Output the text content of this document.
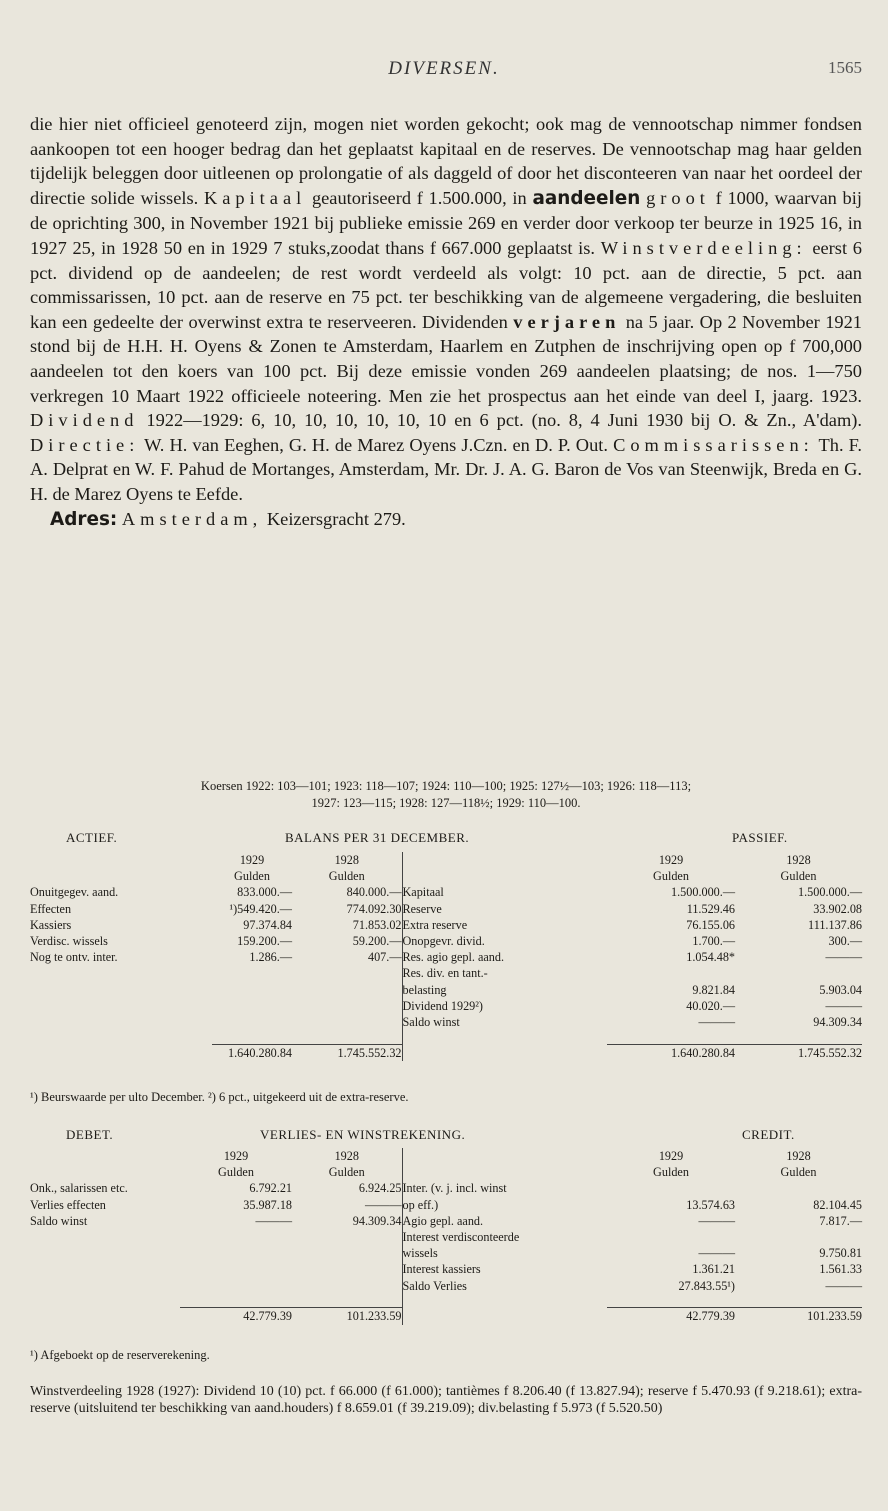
DIVERSEN.	1565

die hier niet officieel genoteerd zijn, mogen niet worden gekocht; ook mag de vennootschap nimmer fondsen aankoopen tot een hooger bedrag dan het geplaatst kapitaal en de reserves. De vennootschap mag haar gelden tijdelijk beleggen door uitleenen op prolongatie of als daggeld of door het disconteeren van naar het oordeel der directie solide wissels. Kapitaal geautoriseerd f 1.500.000, in aandeelen groot f 1000, waarvan bij de oprichting 300, in November 1921 bij publieke emissie 269 en verder door verkoop ter beurze in 1925 16, in 1927 25, in 1928 50 en in 1929 7 stuks,zoodat thans f 667.000 geplaatst is. Winstverdeeling: eerst 6 pct. dividend op de aandeelen; de rest wordt verdeeld als volgt: 10 pct. aan de directie, 5 pct. aan commissarissen, 10 pct. aan de reserve en 75 pct. ter beschikking van de algemeene vergadering, die besluiten kan een gedeelte der overwinst extra te reserveeren. Dividenden verjaren na 5 jaar. Op 2 November 1921 stond bij de H.H. H. Oyens & Zonen te Amsterdam, Haarlem en Zutphen de inschrijving open op f 700,000 aandeelen tot den koers van 100 pct. Bij deze emissie vonden 269 aandeelen plaatsing; de nos. 1—750 verkregen 10 Maart 1922 officieele noteering. Men zie het prospectus aan het einde van deel I, jaarg. 1923. Dividend 1922—1929: 6, 10, 10, 10, 10, 10, 10 en 6 pct. (no. 8, 4 Juni 1930 bij O. & Zn., A'dam). Directie: W. H. van Eeghen, G. H. de Marez Oyens J.Czn. en D. P. Out. Commissarissen: Th. F. A. Delprat en W. F. Pahud de Mortanges, Amsterdam, Mr. Dr. J. A. G. Baron de Vos van Steenwijk, Breda en G. H. de Marez Oyens te Eefde.

Adres: Amsterdam, Keizersgracht 279.

Koersen 1922: 103—101; 1923: 118—107; 1924: 110—100; 1925: 127½—103; 1926: 118—113;
1927: 123—115; 1928: 127—118½; 1929: 110—100.
ACTIEF.	BALANS PER 31 DECEMBER.	PASSIEF.
	1929	1928		1929	1928
	Gulden	Gulden		Gulden	Gulden
Onuitgegev. aand.	833.000.—	840.000.—	Kapitaal	1.500.000.—	1.500.000.—
Effecten	¹)549.420.—	774.092.30	Reserve	11.529.46	33.902.08
Kassiers	97.374.84	71.853.02	Extra reserve	76.155.06	111.137.86
Verdisc. wissels	159.200.—	59.200.—	Onopgevr. divid.	1.700.—	300.—
Nog te ontv. inter.	1.286.—	407.—	Res. agio gepl. aand.	1.054.48*	———
			Res. div. en tant.-		
			belasting	9.821.84	5.903.04
			Dividend 1929²)	40.020.—	———
			Saldo winst	———	94.309.34

	1.640.280.84	1.745.552.32		1.640.280.84	1.745.552.32
¹) Beurswaarde per ulto December. ²) 6 pct., uitgekeerd uit de extra-reserve.
DEBET.	VERLIES- EN WINSTREKENING.	CREDIT.
	1929	1928		1929	1928
	Gulden	Gulden		Gulden	Gulden
Onk., salarissen etc.	6.792.21	6.924.25	Inter. (v. j. incl. winst		
Verlies effecten	35.987.18	———	op eff.)	13.574.63	82.104.45
Saldo winst	———	94.309.34	Agio gepl. aand.	———	7.817.—
			Interest verdisconteerde		
			wissels	———	9.750.81
			Interest kassiers	1.361.21	1.561.33
			Saldo Verlies	27.843.55¹)	———

	42.779.39	101.233.59		42.779.39	101.233.59
¹) Afgeboekt op de reserverekening.
Winstverdeeling 1928 (1927): Dividend 10 (10) pct. f 66.000 (f 61.000); tantièmes f 8.206.40 (f 13.827.94); reserve f 5.470.93 (f 9.218.61); extra-reserve (uitsluitend ter beschikking van aand.houders) f 8.659.01 (f 39.219.09); div.belasting f 5.973 (f 5.520.50)
